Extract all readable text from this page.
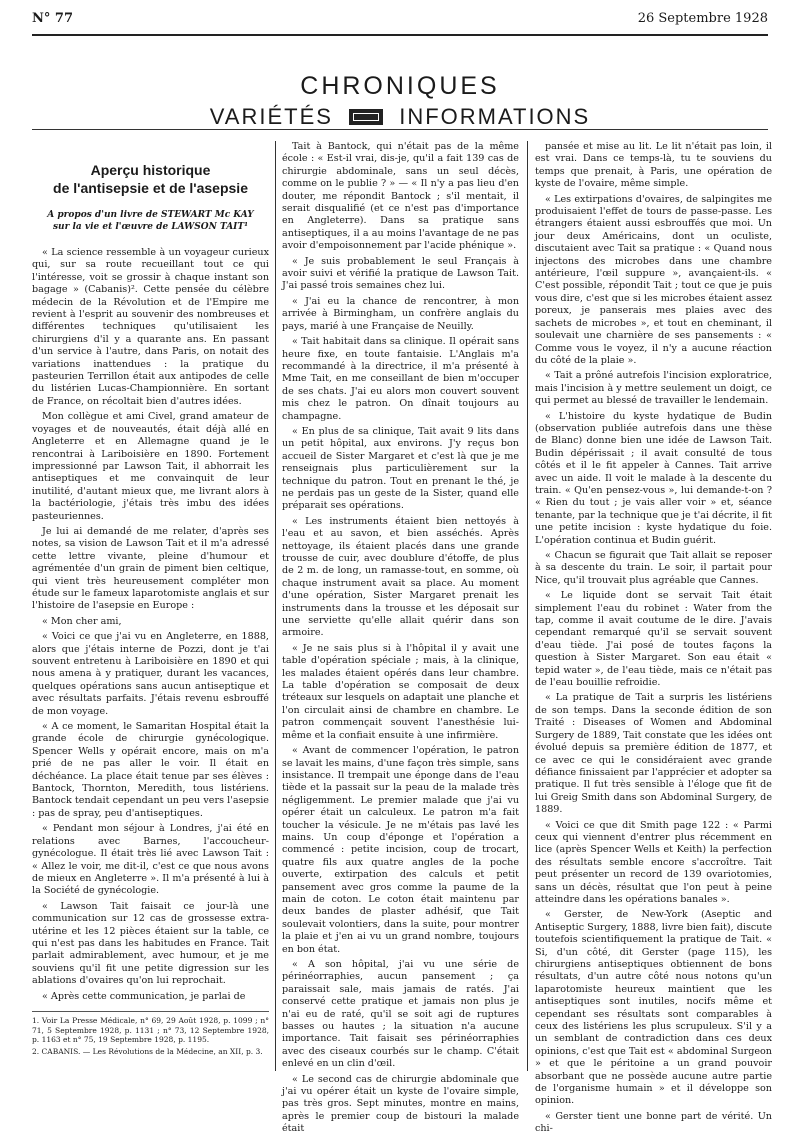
N° 77	26 Septembre 1928
CHRONIQUES
VARIÉTÉS	INFORMATIONS
Aperçu historique
de l'antisepsie et de l'asepsie
A propos d'un livre de STEWART Mc KAY
sur la vie et l'œuvre de LAWSON TAIT¹

« La science ressemble à un voyageur curieux qui, sur sa route recueillant tout ce qui l'intéresse, voit se grossir à chaque instant son bagage » (Cabanis)². Cette pensée du célèbre médecin de la Révolution et de l'Empire me revient à l'esprit au souvenir des nombreuses et différentes techniques qu'utilisaient les chirurgiens d'il y a quarante ans. En passant d'un service à l'autre, dans Paris, on notait des variations inattendues : la pratique du pasteurien Terrillon était aux antipodes de celle du listérien Lucas-Championnière. En sortant de France, on récoltait bien d'autres idées.

Mon collègue et ami Civel, grand amateur de voyages et de nouveautés, était déjà allé en Angleterre et en Allemagne quand je le rencontrai à Lariboisière en 1890. Fortement impressionné par Lawson Tait, il abhorrait les antiseptiques et me convainquit de leur inutilité, d'autant mieux que, me livrant alors à la bactériologie, j'étais très imbu des idées pasteuriennes.

Je lui ai demandé de me relater, d'après ses notes, sa vision de Lawson Tait et il m'a adressé cette lettre vivante, pleine d'humour et agrémentée d'un grain de piment bien celtique, qui vient très heureusement compléter mon étude sur le fameux laparotomiste anglais et sur l'histoire de l'asepsie en Europe :

« Mon cher ami,

« Voici ce que j'ai vu en Angleterre, en 1888, alors que j'étais interne de Pozzi, dont je t'ai souvent entretenu à Lariboisière en 1890 et qui nous amena à y pratiquer, durant les vacances, quelques opérations sans aucun antiseptique et avec résultats parfaits. J'étais revenu esbrouffé de mon voyage.

« A ce moment, le Samaritan Hospital était la grande école de chirurgie gynécologique. Spencer Wells y opérait encore, mais on m'a prié de ne pas aller le voir. Il était en déchéance. La place était tenue par ses élèves : Bantock, Thornton, Meredith, tous listériens. Bantock tendait cependant un peu vers l'asepsie : pas de spray, peu d'antiseptiques.

« Pendant mon séjour à Londres, j'ai été en relations avec Barnes, l'accoucheur-gynécologue. Il était très lié avec Lawson Tait : « Allez le voir, me dit-il, c'est ce que nous avons de mieux en Angleterre ». Il m'a présenté à lui à la Société de gynécologie.

« Lawson Tait faisait ce jour-là une communication sur 12 cas de grossesse extra-utérine et les 12 pièces étaient sur la table, ce qui n'est pas dans les habitudes en France. Tait parlait admirablement, avec humour, et je me souviens qu'il fit une petite digression sur les ablations d'ovaires qu'on lui reprochait.

« Après cette communication, je parlai de

1. Voir La Presse Médicale, n° 69, 29 Août 1928, p. 1099 ; n° 71, 5 Septembre 1928, p. 1131 ; n° 73, 12 Septembre 1928, p. 1163 et n° 75, 19 Septembre 1928, p. 1195.

2. CABANIS. — Les Révolutions de la Médecine, an XII, p. 3.

Tait à Bantock, qui n'était pas de la même école : « Est-il vrai, dis-je, qu'il a fait 139 cas de chirurgie abdominale, sans un seul décès, comme on le publie ? » — « Il n'y a pas lieu d'en douter, me répondit Bantock ; s'il mentait, il serait disqualifié (et ce n'est pas d'importance en Angleterre). Dans sa pratique sans antiseptiques, il a au moins l'avantage de ne pas avoir d'empoisonnement par l'acide phénique ».

« Je suis probablement le seul Français à avoir suivi et vérifié la pratique de Lawson Tait. J'ai passé trois semaines chez lui.

« J'ai eu la chance de rencontrer, à mon arrivée à Birmingham, un confrère anglais du pays, marié à une Française de Neuilly.

« Tait habitait dans sa clinique. Il opérait sans heure fixe, en toute fantaisie. L'Anglais m'a recommandé à la directrice, il m'a présenté à Mme Tait, en me conseillant de bien m'occuper de ses chats. J'ai eu alors mon couvert souvent mis chez le patron. On dînait toujours au champagne.

« En plus de sa clinique, Tait avait 9 lits dans un petit hôpital, aux environs. J'y reçus bon accueil de Sister Margaret et c'est là que je me renseignais plus particulièrement sur la technique du patron. Tout en prenant le thé, je ne perdais pas un geste de la Sister, quand elle préparait ses opérations.

« Les instruments étaient bien nettoyés à l'eau et au savon, et bien asséchés. Après nettoyage, ils étaient placés dans une grande trousse de cuir, avec doublure d'étoffe, de plus de 2 m. de long, un ramasse-tout, en somme, où chaque instrument avait sa place. Au moment d'une opération, Sister Margaret prenait les instruments dans la trousse et les déposait sur une serviette qu'elle allait quérir dans son armoire.

« Je ne sais plus si à l'hôpital il y avait une table d'opération spéciale ; mais, à la clinique, les malades étaient opérés dans leur chambre. La table d'opération se composait de deux tréteaux sur lesquels on adaptait une planche et l'on circulait ainsi de chambre en chambre. Le patron commençait souvent l'anesthésie lui-même et la confiait ensuite à une infirmière.

« Avant de commencer l'opération, le patron se lavait les mains, d'une façon très simple, sans insistance. Il trempait une éponge dans de l'eau tiède et la passait sur la peau de la malade très négligemment. Le premier malade que j'ai vu opérer était un calculeux. Le patron m'a fait toucher la vésicule. Je ne m'étais pas lavé les mains. Un coup d'éponge et l'opération a commencé : petite incision, coup de trocart, quatre fils aux quatre angles de la poche ouverte, extirpation des calculs et petit pansement avec gros comme la paume de la main de coton. Le coton était maintenu par deux bandes de plaster adhésif, que Tait soulevait volontiers, dans la suite, pour montrer la plaie et j'en ai vu un grand nombre, toujours en bon état.

« A son hôpital, j'ai vu une série de périnéorraphies, aucun pansement ; ça paraissait sale, mais jamais de ratés. J'ai conservé cette pratique et jamais non plus je n'ai eu de raté, qu'il se soit agi de ruptures basses ou hautes ; la situation n'a aucune importance. Tait faisait ses périnéorraphies avec des ciseaux courbés sur le champ. C'était enlevé en un clin d'œil.

« Le second cas de chirurgie abdominale que j'ai vu opérer était un kyste de l'ovaire simple, pas très gros. Sept minutes, montre en mains, après le premier coup de bistouri la malade était

pansée et mise au lit. Le lit n'était pas loin, il est vrai. Dans ce temps-là, tu te souviens du temps que prenait, à Paris, une opération de kyste de l'ovaire, même simple.

« Les extirpations d'ovaires, de salpingites me produisaient l'effet de tours de passe-passe. Les étrangers étaient aussi esbrouffés que moi. Un jour deux Américains, dont un oculiste, discutaient avec Tait sa pratique : « Quand nous injectons des microbes dans une chambre antérieure, l'œil suppure », avançaient-ils. « C'est possible, répondit Tait ; tout ce que je puis vous dire, c'est que si les microbes étaient assez poreux, je panserais mes plaies avec des sachets de microbes », et tout en cheminant, il soulevait une charnière de ses pansements : « Comme vous le voyez, il n'y a aucune réaction du côté de la plaie ».

« Tait a prôné autrefois l'incision exploratrice, mais l'incision à y mettre seulement un doigt, ce qui permet au blessé de travailler le lendemain.

« L'histoire du kyste hydatique de Budin (observation publiée autrefois dans une thèse de Blanc) donne bien une idée de Lawson Tait. Budin dépérissait ; il avait consulté de tous côtés et il le fit appeler à Cannes. Tait arrive avec un aide. Il voit le malade à la descente du train. « Qu'en pensez-vous », lui demande-t-on ? « Rien du tout ; je vais aller voir » et, séance tenante, par la technique que je t'ai décrite, il fit une petite incision : kyste hydatique du foie. L'opération continua et Budin guérit.

« Chacun se figurait que Tait allait se reposer à sa descente du train. Le soir, il partait pour Nice, qu'il trouvait plus agréable que Cannes.

« Le liquide dont se servait Tait était simplement l'eau du robinet : Water from the tap, comme il avait coutume de le dire. J'avais cependant remarqué qu'il se servait souvent d'eau tiède. J'ai posé de toutes façons la question à Sister Margaret. Son eau était « tepid water », de l'eau tiède, mais ce n'était pas de l'eau bouillie refroidie.

« La pratique de Tait a surpris les listériens de son temps. Dans la seconde édition de son Traité : Diseases of Women and Abdominal Surgery de 1889, Tait constate que les idées ont évolué depuis sa première édition de 1877, et ce avec ce qui le considéraient avec grande défiance finissaient par l'apprécier et adopter sa pratique. Il fut très sensible à l'éloge que fit de lui Greig Smith dans son Abdominal Surgery, de 1889.

« Voici ce que dit Smith page 122 : « Parmi ceux qui viennent d'entrer plus récemment en lice (après Spencer Wells et Keith) la perfection des résultats semble encore s'accroître. Tait peut présenter un record de 139 ovariotomies, sans un décès, résultat que l'on peut à peine atteindre dans les opérations banales ».

« Gerster, de New-York (Aseptic and Antiseptic Surgery, 1888, livre bien fait), discute toutefois scientifiquement la pratique de Tait. « Si, d'un côté, dit Gerster (page 115), les chirurgiens antiseptiques obtiennent de bons résultats, d'un autre côté nous notons qu'un laparotomiste heureux maintient que les antiseptiques sont inutiles, nocifs même et cependant ses résultats sont comparables à ceux des listériens les plus scrupuleux. S'il y a un semblant de contradiction dans ces deux opinions, c'est que Tait est « abdominal Surgeon » et que le péritoine a un grand pouvoir absorbant que ne possède aucune autre partie de l'organisme humain » et il développe son opinion.

« Gerster tient une bonne part de vérité. Un chi-
